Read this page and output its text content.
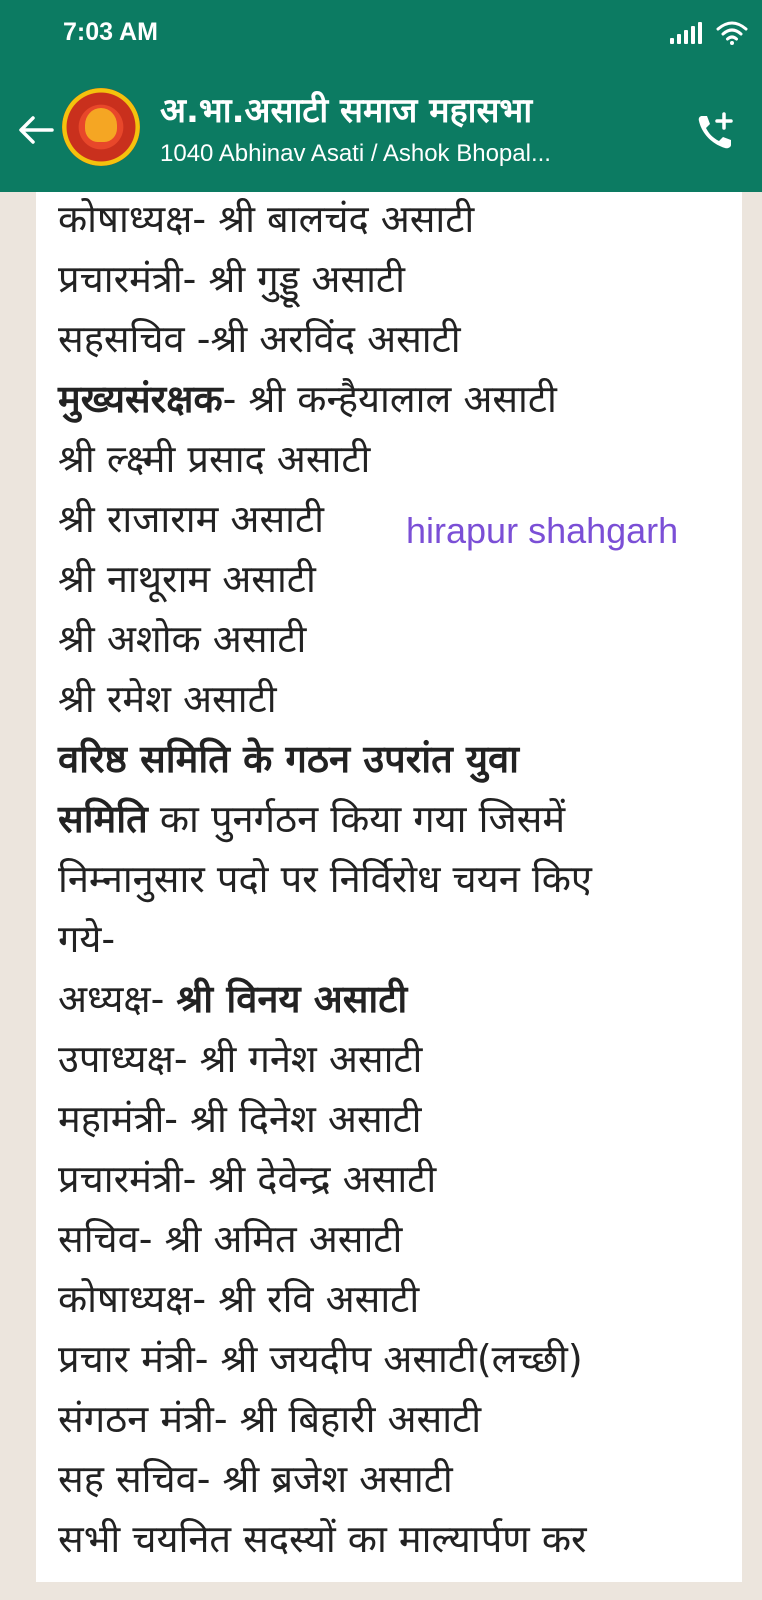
7:03 AM
अ.भा.असाटी समाज महासभा
1040 Abhinav Asati / Ashok Bhopal...
कोषाध्यक्ष- श्री बालचंद असाटी
प्रचारमंत्री- श्री गुड्डू असाटी
सहसचिव -श्री अरविंद असाटी
मुख्यसंरक्षक- श्री कन्हैयालाल असाटी
श्री ल्क्ष्मी प्रसाद असाटी
श्री राजाराम असाटी
श्री नाथूराम असाटी
श्री अशोक असाटी
श्री रमेश असाटी
वरिष्ठ समिति के गठन उपरांत युवा
समिति का पुनर्गठन किया गया जिसमें
निम्नानुसार पदो पर निर्विरोध चयन किए
गये-
अध्यक्ष- श्री विनय असाटी
उपाध्यक्ष- श्री गनेश असाटी
महामंत्री- श्री दिनेश असाटी
प्रचारमंत्री- श्री देवेन्द्र असाटी
सचिव- श्री अमित असाटी
कोषाध्यक्ष- श्री रवि असाटी
प्रचार मंत्री- श्री जयदीप असाटी(लच्छी)
संगठन मंत्री- श्री बिहारी असाटी
सह सचिव- श्री ब्रजेश असाटी
सभी चयनित सदस्यों का माल्यार्पण कर
hirapur shahgarh
